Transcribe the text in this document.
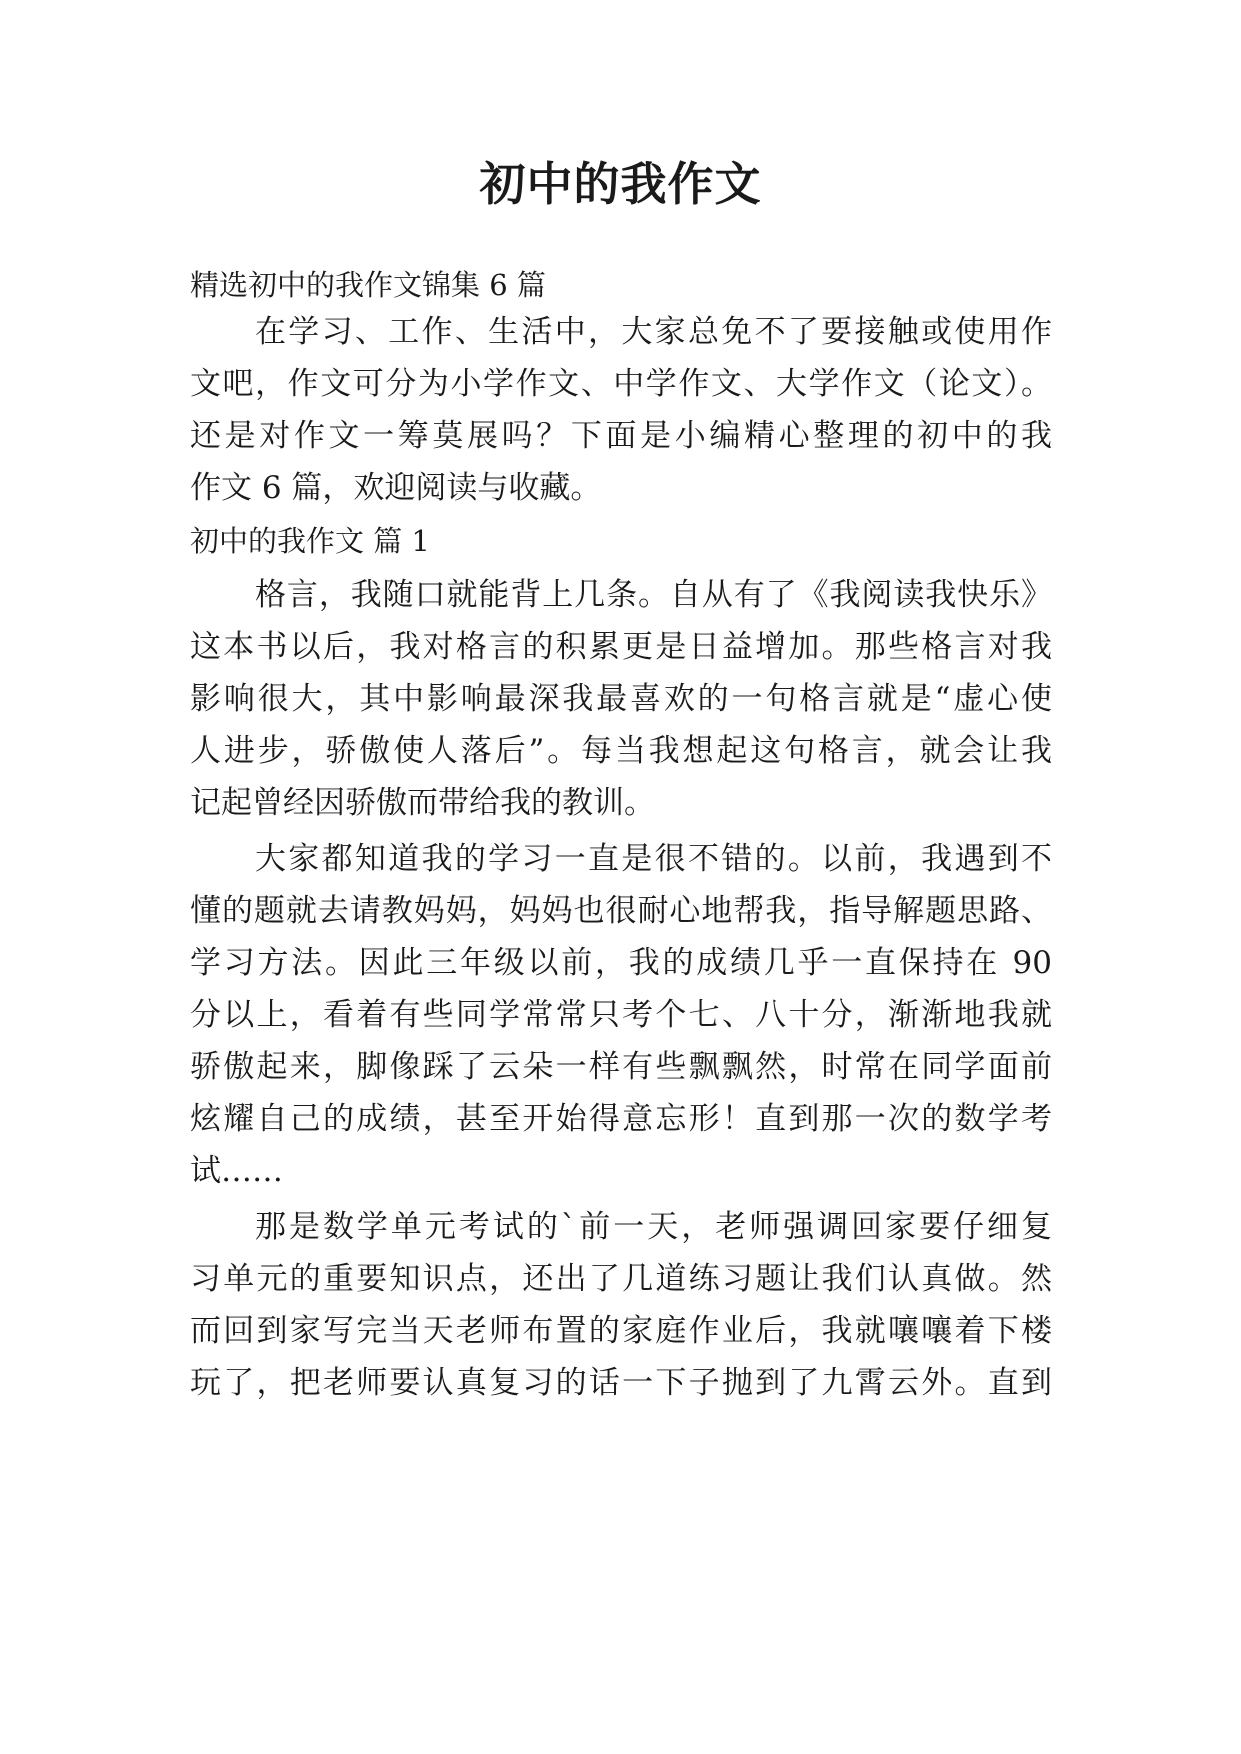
初中的我作文

精选初中的我作文锦集 6 篇

在学习、工作、生活中，大家总免不了要接触或使用作

文吧，作文可分为小学作文、中学作文、大学作文（论文）。

还是对作文一筹莫展吗？下面是小编精心整理的初中的我

作文 6 篇，欢迎阅读与收藏。

初中的我作文 篇 1

格言，我随口就能背上几条。自从有了《我阅读我快乐》

这本书以后，我对格言的积累更是日益增加。那些格言对我

影响很大，其中影响最深我最喜欢的一句格言就是“虚心使

人进步，骄傲使人落后”。每当我想起这句格言，就会让我

记起曾经因骄傲而带给我的教训。

大家都知道我的学习一直是很不错的。以前，我遇到不

懂的题就去请教妈妈，妈妈也很耐心地帮我，指导解题思路、

学习方法。因此三年级以前，我的成绩几乎一直保持在 90

分以上，看着有些同学常常只考个七、八十分，渐渐地我就

骄傲起来，脚像踩了云朵一样有些飘飘然，时常在同学面前

炫耀自己的成绩，甚至开始得意忘形！直到那一次的数学考

试……

那是数学单元考试的`前一天，老师强调回家要仔细复

习单元的重要知识点，还出了几道练习题让我们认真做。然

而回到家写完当天老师布置的家庭作业后，我就嚷嚷着下楼

玩了，把老师要认真复习的话一下子抛到了九霄云外。直到
